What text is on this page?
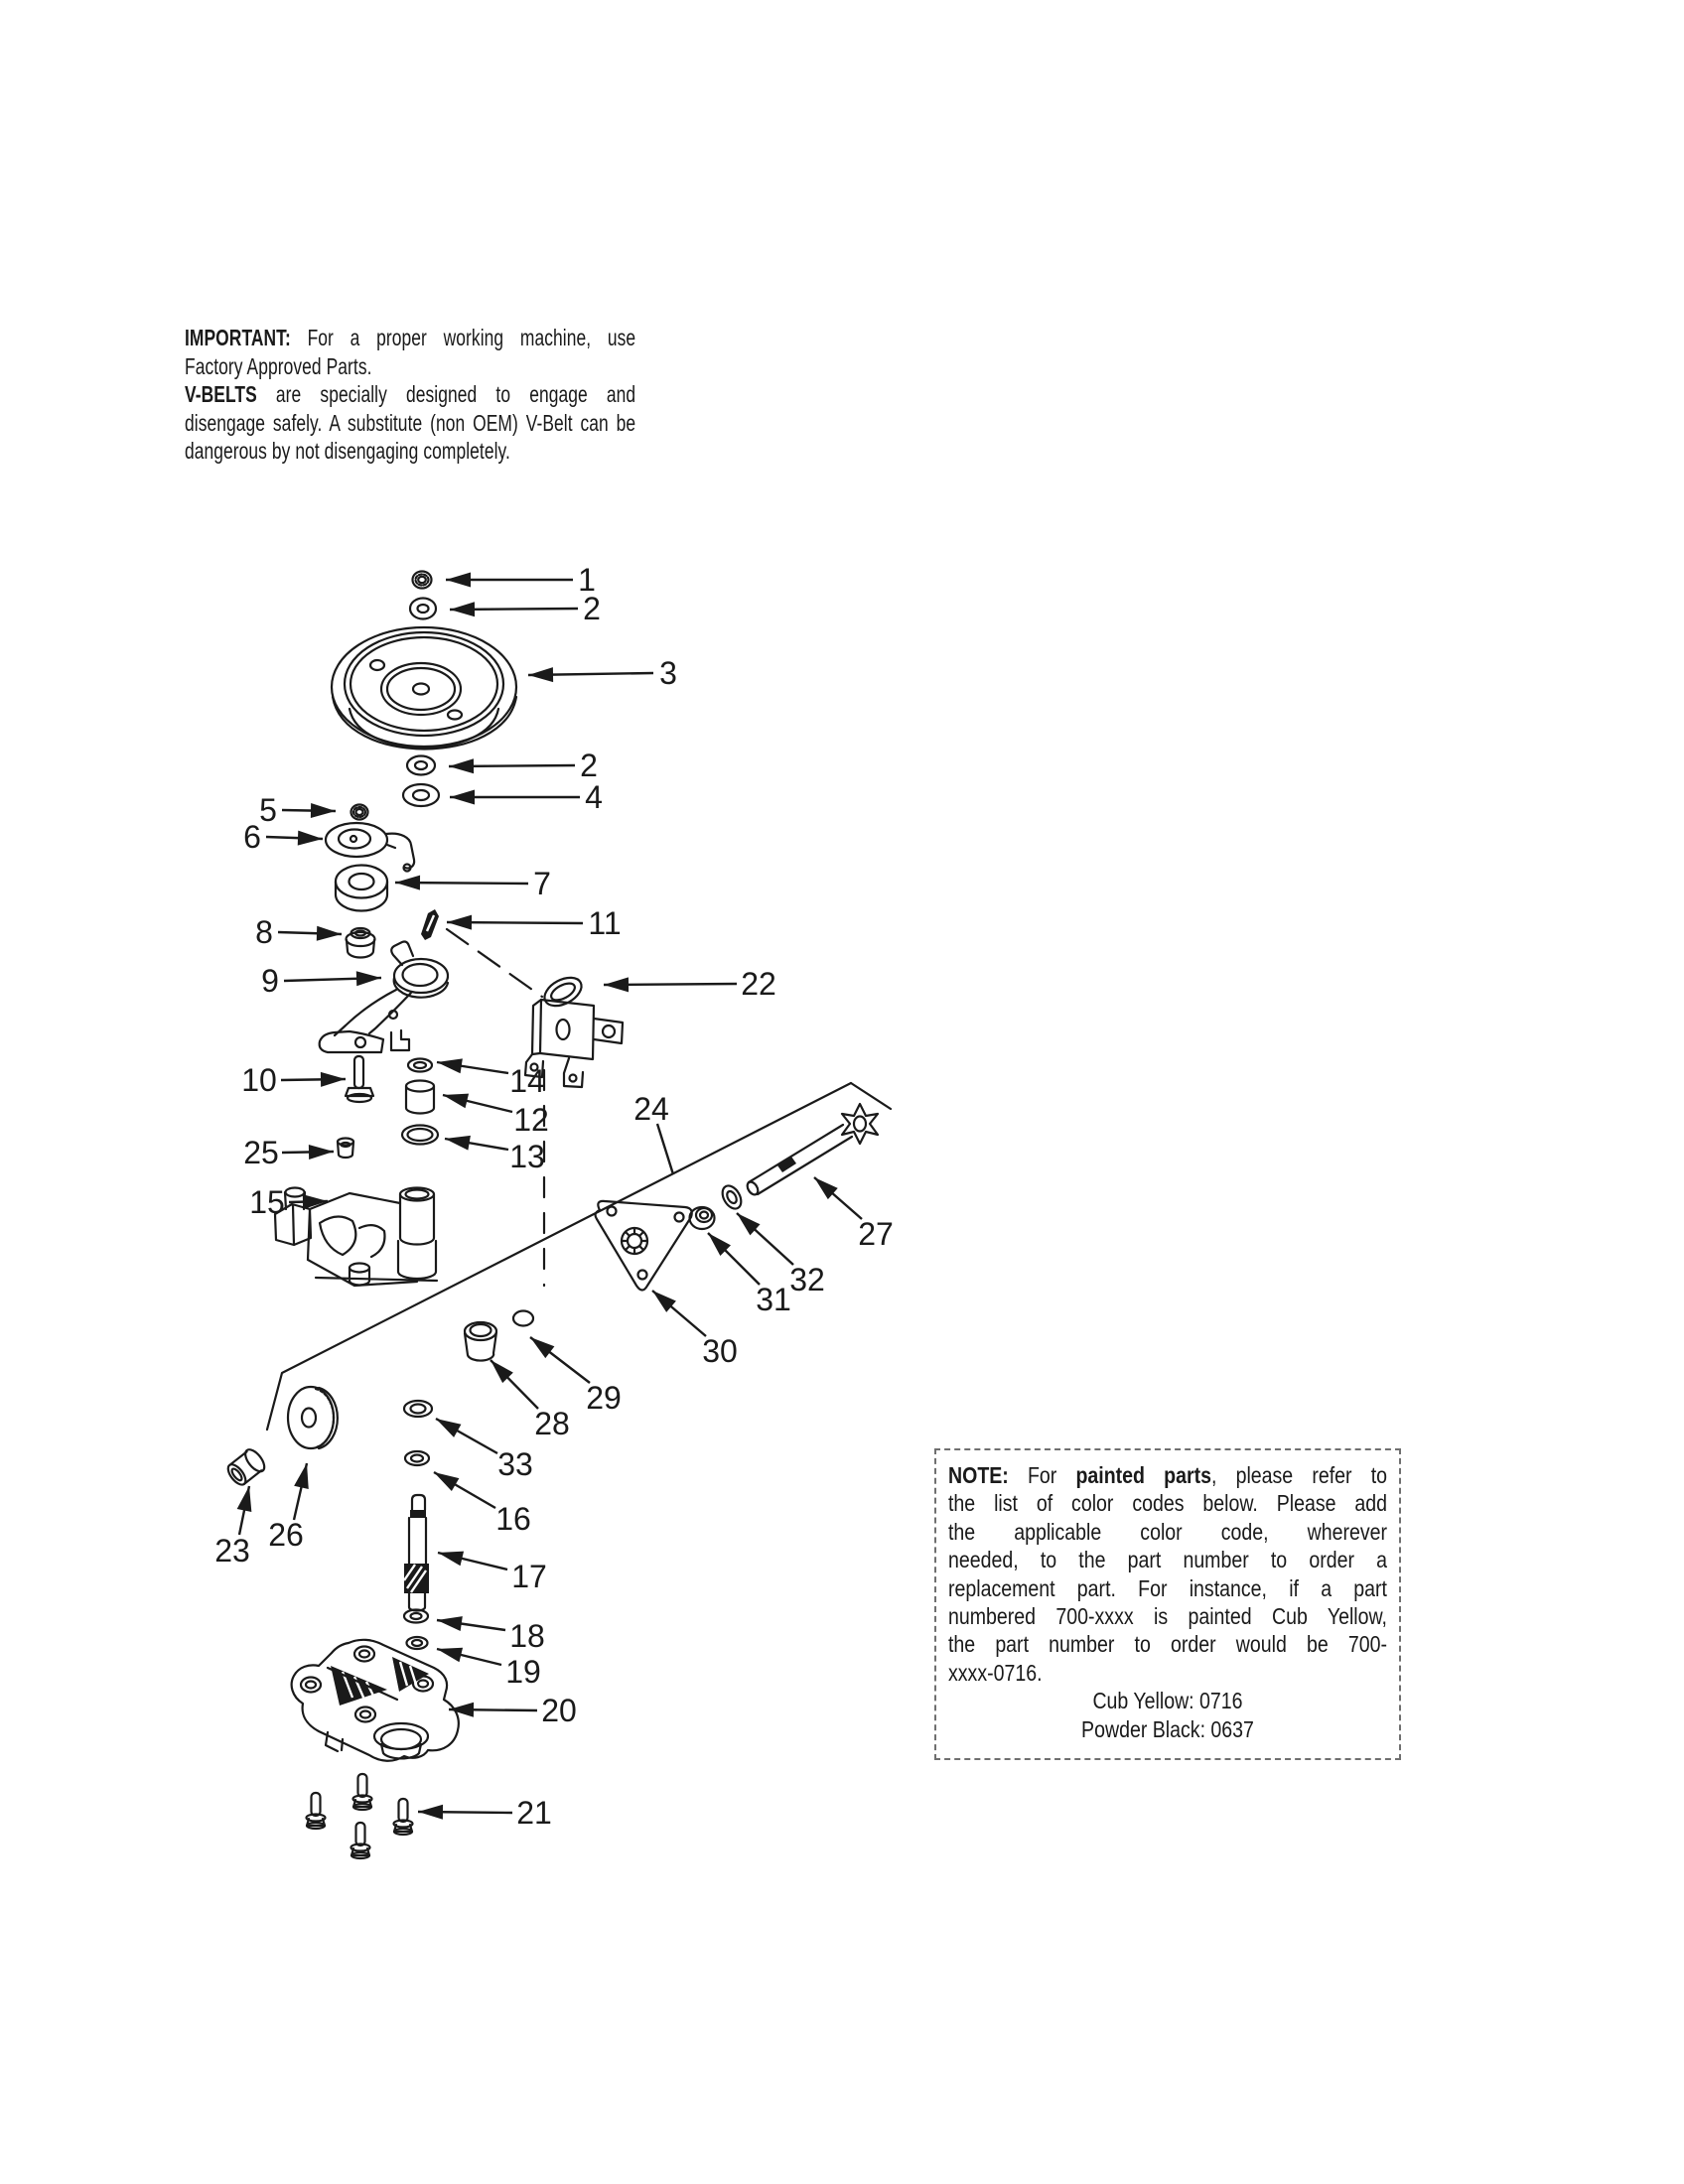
IMPORTANT: For a proper working machine, use
Factory Approved Parts.
V-BELTS are specially designed to engage and
disengage safely. A substitute (non OEM) V-Belt can be
dangerous by not disengaging completely.
1
2
3
2
4
5
6
7
8
9
10
11
22
14
12
13
25
15
24
27
31
32
30
28
29
33
16
17
18
19
20
21
23 26
NOTE: For painted parts, please refer to
the list of color codes below. Please add
the applicable color code, wherever
needed, to the part number to order a
replacement part. For instance, if a part
numbered 700-xxxx is painted Cub Yellow,
the part number to order would be 700-
xxxx-0716.
Cub Yellow: 0716
Powder Black: 0637
